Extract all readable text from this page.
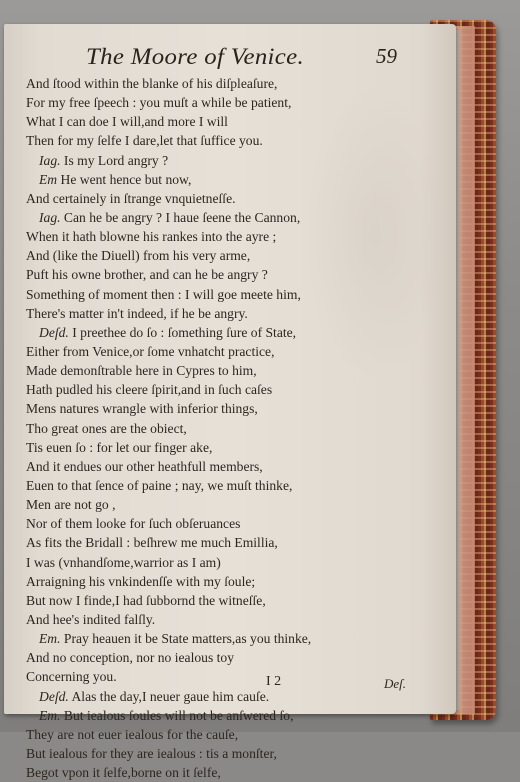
The Moore of Venice.	59
And ſtood within the blanke of his diſpleaſure,
For my free ſpeech : you muſt a while be patient,
What I can doe I will,and more I will
Then for my ſelfe I dare,let that ſuffice you.
Iag. Is my Lord angry ?
Em He went hence but now,
And certainely in ſtrange vnquietneſſe.
Iag. Can he be angry ? I haue ſeene the Cannon,
When it hath blowne his rankes into the ayre ;
And (like the Diuell) from his very arme,
Puft his owne brother, and can he be angry ?
Something of moment then : I will goe meete him,
There's matter in't indeed, if he be angry.
Deſd. I preethee do ſo : ſomething ſure of State,
Either from Venice,or ſome vnhatcht practice,
Made demonſtrable here in Cypres to him,
Hath pudled his cleere ſpirit,and in ſuch caſes
Mens natures wrangle with inferior things,
Tho great ones are the obiect,
Tis euen ſo : for let our finger ake,
And it endues our other heathfull members,
Euen to that ſence of paine ; nay, we muſt thinke,
Men are not go ,
Nor of them looke for ſuch obſeruances
As fits the Bridall : beſhrew me much Emillia,
I was (vnhandſome,warrior as I am)
Arraigning his vnkindenſſe with my ſoule;
But now I finde,I had ſubbornd the witneſſe,
And hee's indited falſly.
Em. Pray heauen it be State matters,as you thinke,
And no conception, nor no iealous toy
Concerning you.
Deſd. Alas the day,I neuer gaue him cauſe.
Em. But iealous ſoules will not be anſwered ſo,
They are not euer iealous for the cauſe,
But iealous for they are iealous : tis a monſter,
Begot vpon it ſelfe,borne on it ſelfe,
I 2	Deſ.
